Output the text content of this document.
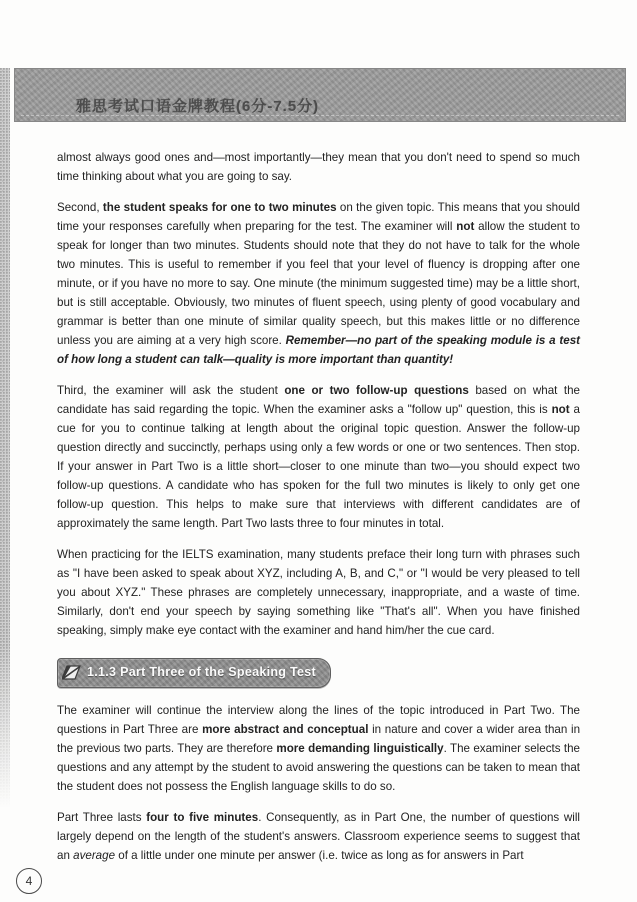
雅思考试口语金牌教程(6分-7.5分)

almost always good ones and—most importantly—they mean that you don't need to spend so much time thinking about what you are going to say.

Second, the student speaks for one to two minutes on the given topic. This means that you should time your responses carefully when preparing for the test. The examiner will not allow the student to speak for longer than two minutes. Students should note that they do not have to talk for the whole two minutes. This is useful to remember if you feel that your level of fluency is dropping after one minute, or if you have no more to say. One minute (the minimum suggested time) may be a little short, but is still acceptable. Obviously, two minutes of fluent speech, using plenty of good vocabulary and grammar is better than one minute of similar quality speech, but this makes little or no difference unless you are aiming at a very high score. Remember—no part of the speaking module is a test of how long a student can talk—quality is more important than quantity!

Third, the examiner will ask the student one or two follow-up questions based on what the candidate has said regarding the topic. When the examiner asks a "follow up" question, this is not a cue for you to continue talking at length about the original topic question. Answer the follow-up question directly and succinctly, perhaps using only a few words or one or two sentences. Then stop. If your answer in Part Two is a little short—closer to one minute than two—you should expect two follow-up questions. A candidate who has spoken for the full two minutes is likely to only get one follow-up question. This helps to make sure that interviews with different candidates are of approximately the same length. Part Two lasts three to four minutes in total.

When practicing for the IELTS examination, many students preface their long turn with phrases such as "I have been asked to speak about XYZ, including A, B, and C," or "I would be very pleased to tell you about XYZ." These phrases are completely unnecessary, inappropriate, and a waste of time. Similarly, don't end your speech by saying something like "That's all". When you have finished speaking, simply make eye contact with the examiner and hand him/her the cue card.

1.1.3 Part Three of the Speaking Test

The examiner will continue the interview along the lines of the topic introduced in Part Two. The questions in Part Three are more abstract and conceptual in nature and cover a wider area than in the previous two parts. They are therefore more demanding linguistically. The examiner selects the questions and any attempt by the student to avoid answering the questions can be taken to mean that the student does not possess the English language skills to do so.

Part Three lasts four to five minutes. Consequently, as in Part One, the number of questions will largely depend on the length of the student's answers. Classroom experience seems to suggest that an average of a little under one minute per answer (i.e. twice as long as for answers in Part

4
